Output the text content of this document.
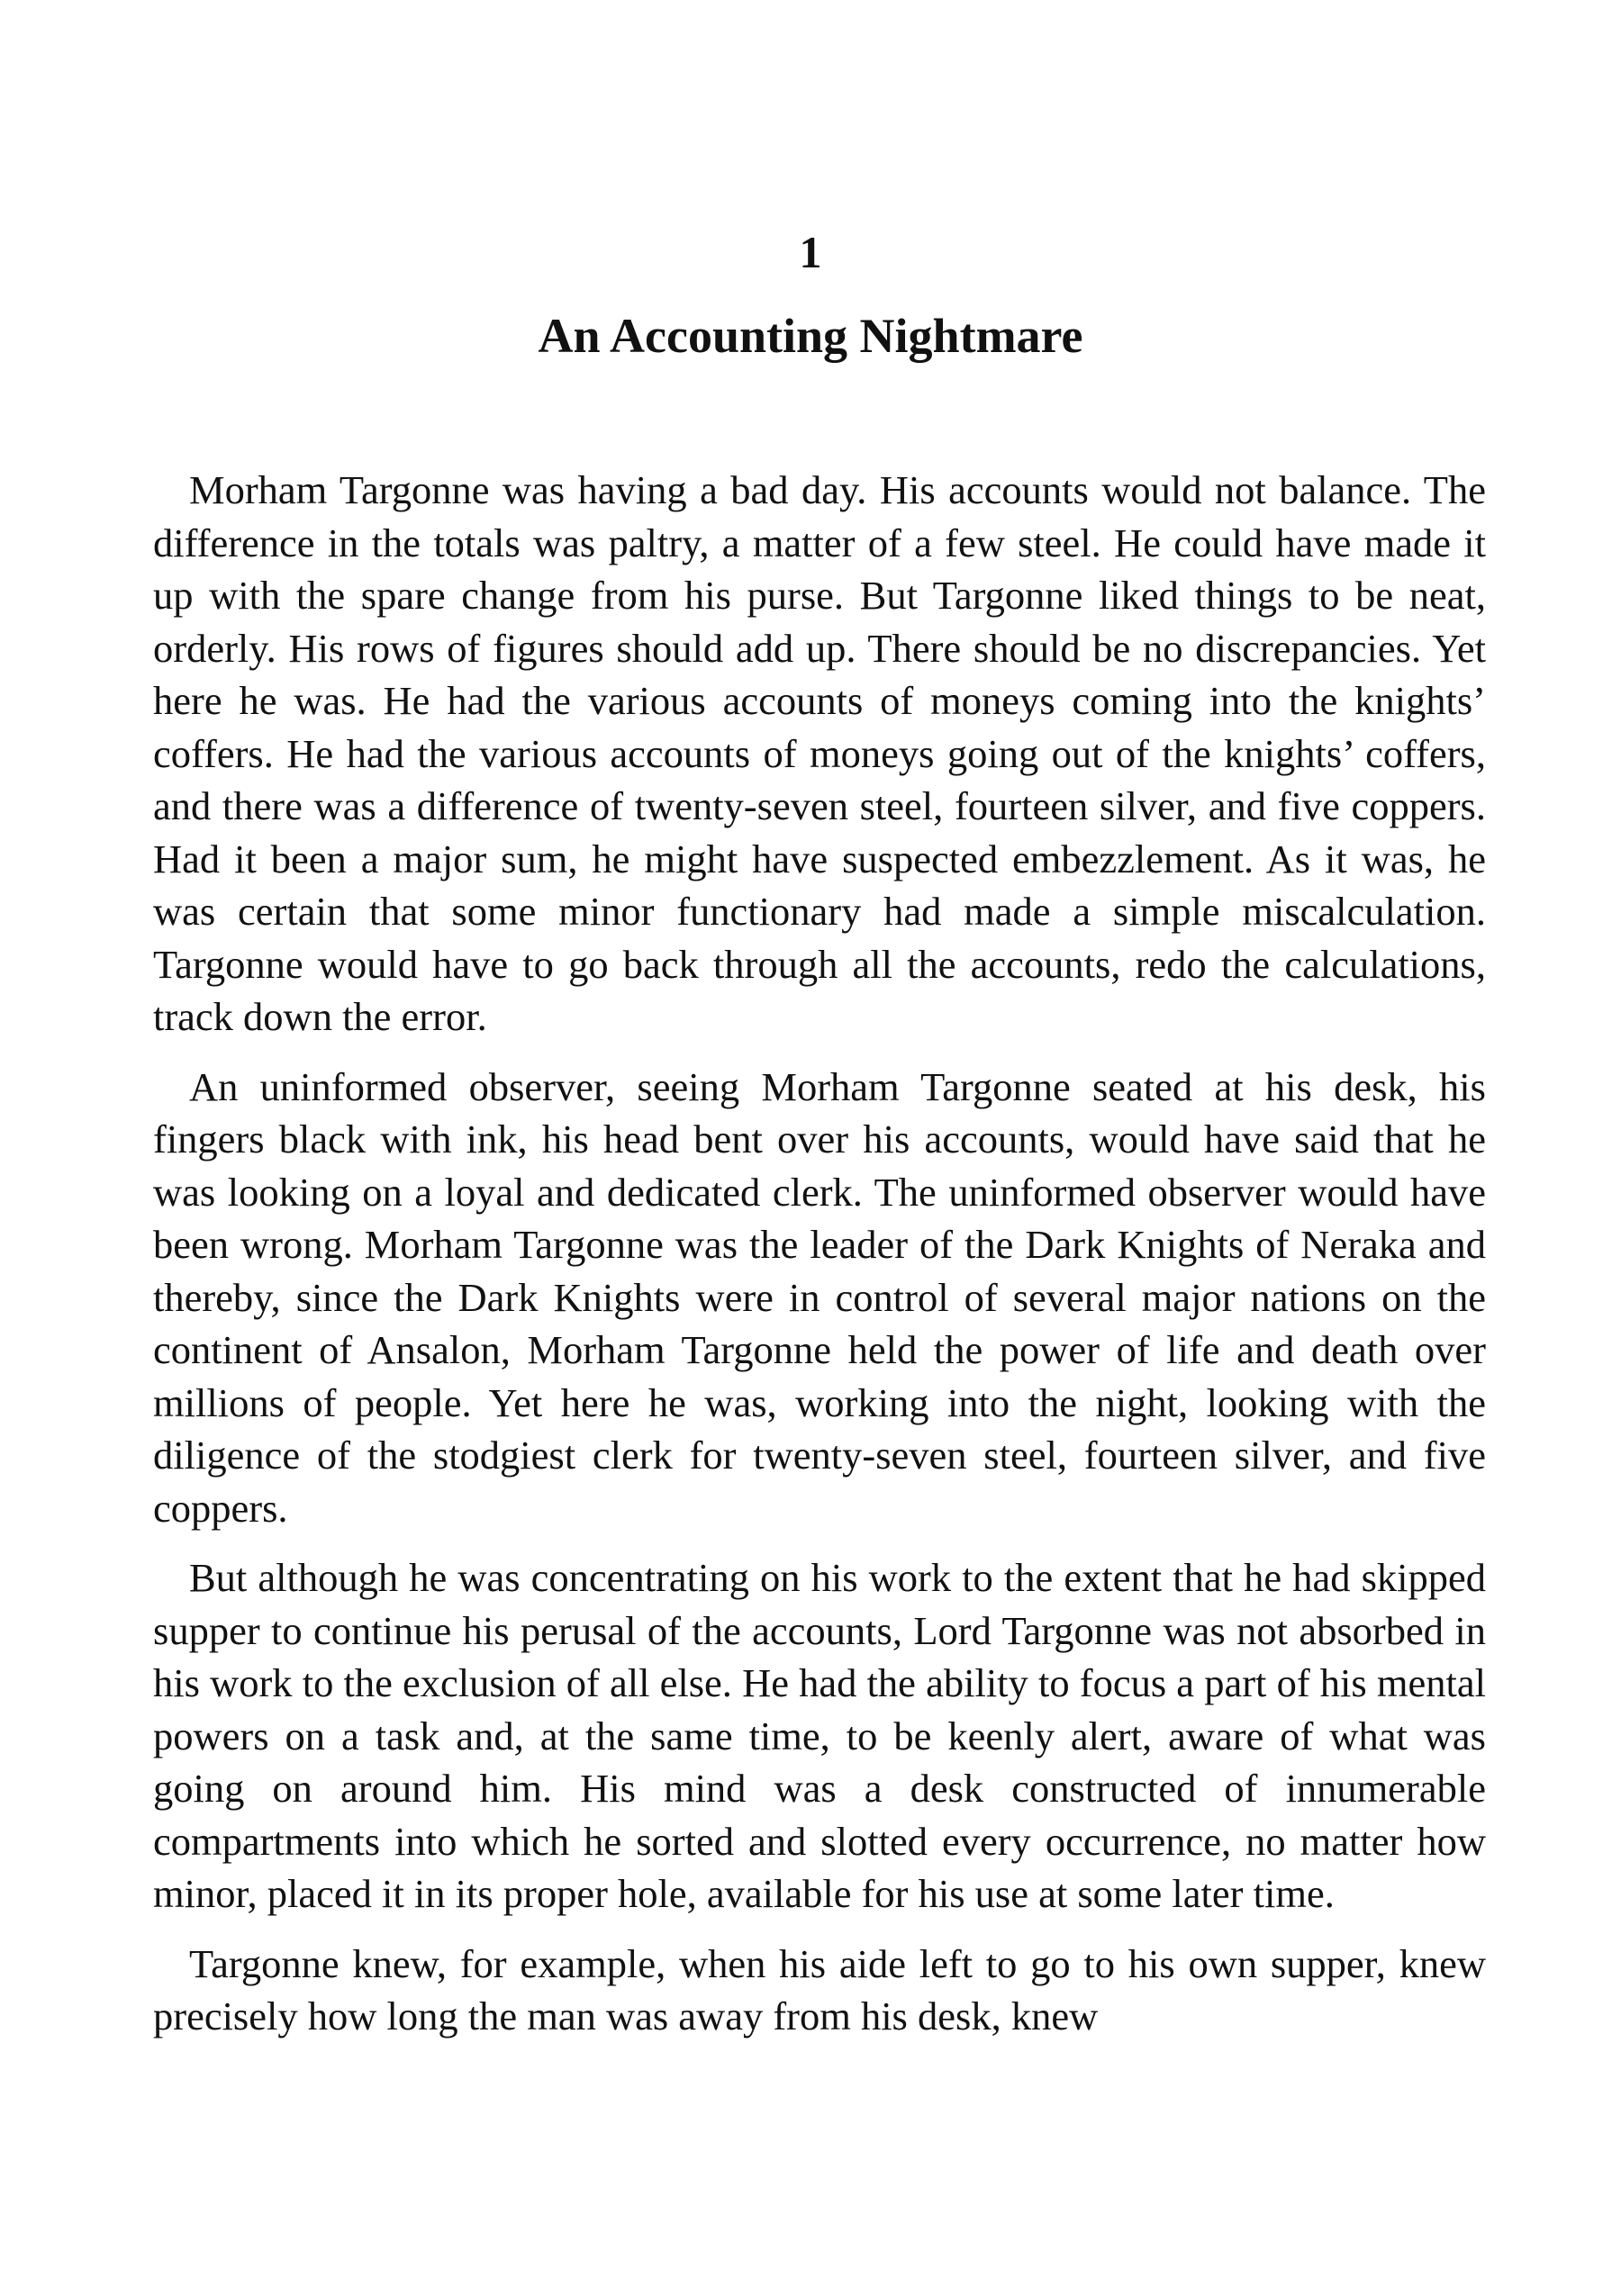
1
An Accounting Nightmare

Morham Targonne was having a bad day. His accounts would not balance. The difference in the totals was paltry, a matter of a few steel. He could have made it up with the spare change from his purse. But Targonne liked things to be neat, orderly. His rows of figures should add up. There should be no discrepancies. Yet here he was. He had the various accounts of moneys coming into the knights’ coffers. He had the various accounts of moneys going out of the knights’ coffers, and there was a difference of twenty-seven steel, fourteen silver, and five coppers. Had it been a major sum, he might have suspected embezzlement. As it was, he was certain that some minor functionary had made a simple miscalculation. Targonne would have to go back through all the accounts, redo the calculations, track down the error.

An uninformed observer, seeing Morham Targonne seated at his desk, his fingers black with ink, his head bent over his accounts, would have said that he was looking on a loyal and dedicated clerk. The uninformed observer would have been wrong. Morham Targonne was the leader of the Dark Knights of Neraka and thereby, since the Dark Knights were in control of several major nations on the continent of Ansalon, Morham Targonne held the power of life and death over millions of people. Yet here he was, working into the night, looking with the diligence of the stodgiest clerk for twenty-seven steel, fourteen silver, and five coppers.

But although he was concentrating on his work to the extent that he had skipped supper to continue his perusal of the accounts, Lord Targonne was not absorbed in his work to the exclusion of all else. He had the ability to focus a part of his mental powers on a task and, at the same time, to be keenly alert, aware of what was going on around him. His mind was a desk constructed of innumerable compartments into which he sorted and slotted every occurrence, no matter how minor, placed it in its proper hole, available for his use at some later time.

Targonne knew, for example, when his aide left to go to his own supper, knew precisely how long the man was away from his desk, knew
